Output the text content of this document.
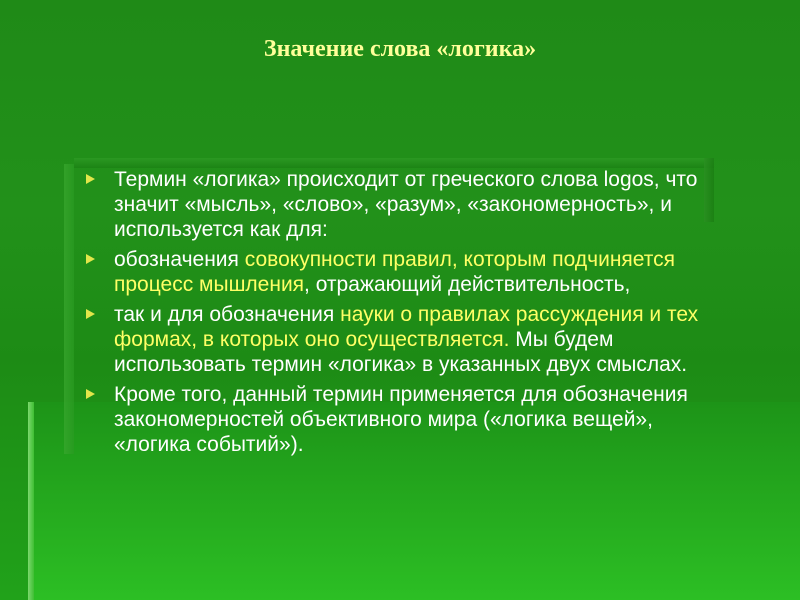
Значение слова «логика»
Термин «логика» происходит от греческого слова logos, что значит «мысль», «слово», «разум», «закономерность», и используется как для:
обозначения совокупности правил, которым подчиняется процесс мышления, отражающий действительность,
так и для обозначения науки о правилах рассуждения и тех формах, в которых оно осуществляется. Мы будем использовать термин «логика» в указанных двух смыслах.
Кроме того, данный термин применяется для обозначения закономерностей объективного мира («логика вещей», «логика событий»).
